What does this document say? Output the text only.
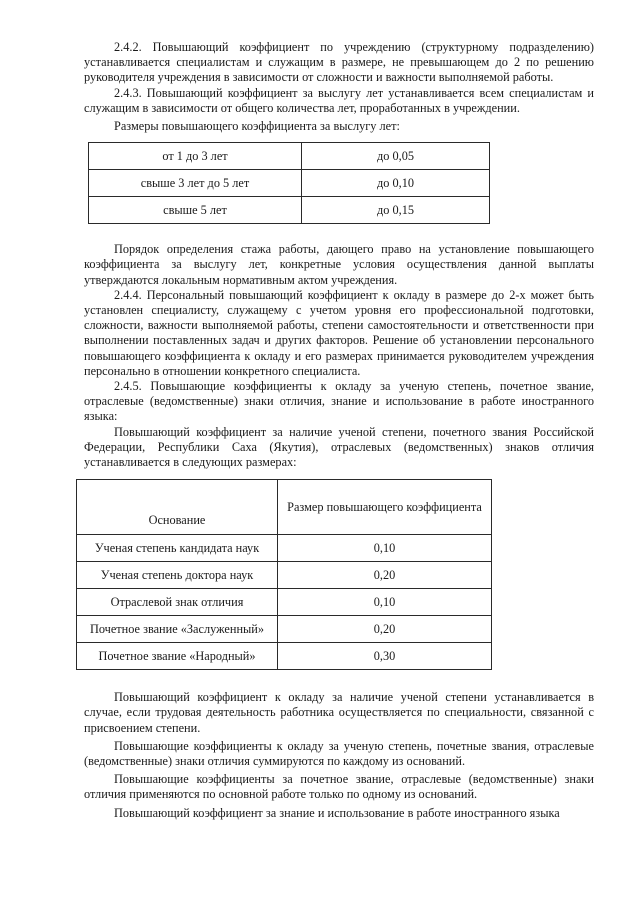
2.4.2. Повышающий коэффициент по учреждению (структурному подразделению) устанавливается специалистам и служащим в размере, не превышающем до 2 по решению руководителя учреждения в зависимости от сложности и важности выполняемой работы.

2.4.3. Повышающий коэффициент за выслугу лет устанавливается всем специалистам и служащим в зависимости от общего количества лет, проработанных в учреждении.

Размеры повышающего коэффициента за выслугу лет:

от 1 до 3 лет	до 0,05
свыше 3 лет до 5 лет	до 0,10
свыше 5 лет	до 0,15

Порядок определения стажа работы, дающего право на установление повышающего коэффициента за выслугу лет, конкретные условия осуществления данной выплаты утверждаются локальным нормативным актом учреждения.

2.4.4. Персональный повышающий коэффициент к окладу в размере до 2-х может быть установлен специалисту, служащему с учетом уровня его профессиональной подготовки, сложности, важности выполняемой работы, степени самостоятельности и ответственности при выполнении поставленных задач и других факторов. Решение об установлении персонального повышающего коэффициента к окладу и его размерах принимается руководителем учреждения персонально в отношении конкретного специалиста.

2.4.5. Повышающие коэффициенты к окладу за ученую степень, почетное звание, отраслевые (ведомственные) знаки отличия, знание и использование в работе иностранного языка:

Повышающий коэффициент за наличие ученой степени, почетного звания Российской Федерации, Республики Саха (Якутия), отраслевых (ведомственных) знаков отличия устанавливается в следующих размерах:

Основание	Размер повышающего коэффициента
Ученая степень кандидата наук	0,10
Ученая степень доктора наук	0,20
Отраслевой знак отличия	0,10
Почетное звание «Заслуженный»	0,20
Почетное звание «Народный»	0,30

Повышающий коэффициент к окладу за наличие ученой степени устанавливается в случае, если трудовая деятельность работника осуществляется по специальности, связанной с присвоением степени.

Повышающие коэффициенты к окладу за ученую степень, почетные звания, отраслевые (ведомственные) знаки отличия суммируются по каждому из оснований.

Повышающие коэффициенты за почетное звание, отраслевые (ведомственные) знаки отличия применяются по основной работе только по одному из оснований.

Повышающий коэффициент за знание и использование в работе иностранного языка
